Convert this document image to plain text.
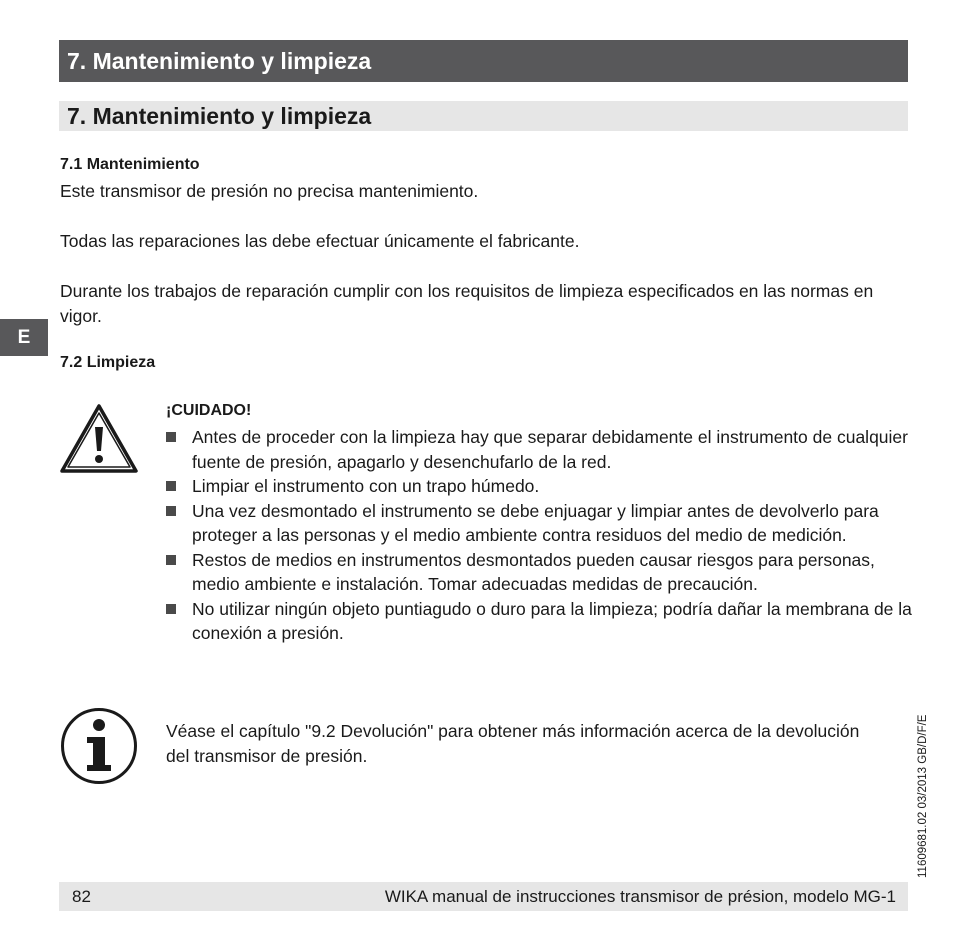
7. Mantenimiento y limpieza
7. Mantenimiento y limpieza
7.1 Mantenimiento
Este transmisor de presión no precisa mantenimiento.
Todas las reparaciones las debe efectuar únicamente el fabricante.
Durante los trabajos de reparación cumplir con los requisitos de limpieza especificados en las normas en vigor.
E
7.2 Limpieza
¡CUIDADO!
Antes de proceder con la limpieza hay que separar debidamente el instrumento de cualquier fuente de presión, apagarlo y desenchufarlo de la red.
Limpiar el instrumento con un trapo húmedo.
Una vez desmontado el instrumento se debe enjuagar y limpiar antes de devolverlo para proteger a las personas y el medio ambiente contra residuos del medio de medición.
Restos de medios en instrumentos desmontados pueden causar riesgos para personas, medio ambiente e instalación. Tomar adecuadas medidas de precaución.
No utilizar ningún objeto puntiagudo o duro para la limpieza; podría dañar la membrana de la conexión a presión.
Véase el capítulo "9.2 Devolución" para obtener más información acerca de la devolución del transmisor de presión.	11609681.02 03/2013 GB/D/F/E
82	WIKA manual de instrucciones transmisor de présion, modelo MG-1
